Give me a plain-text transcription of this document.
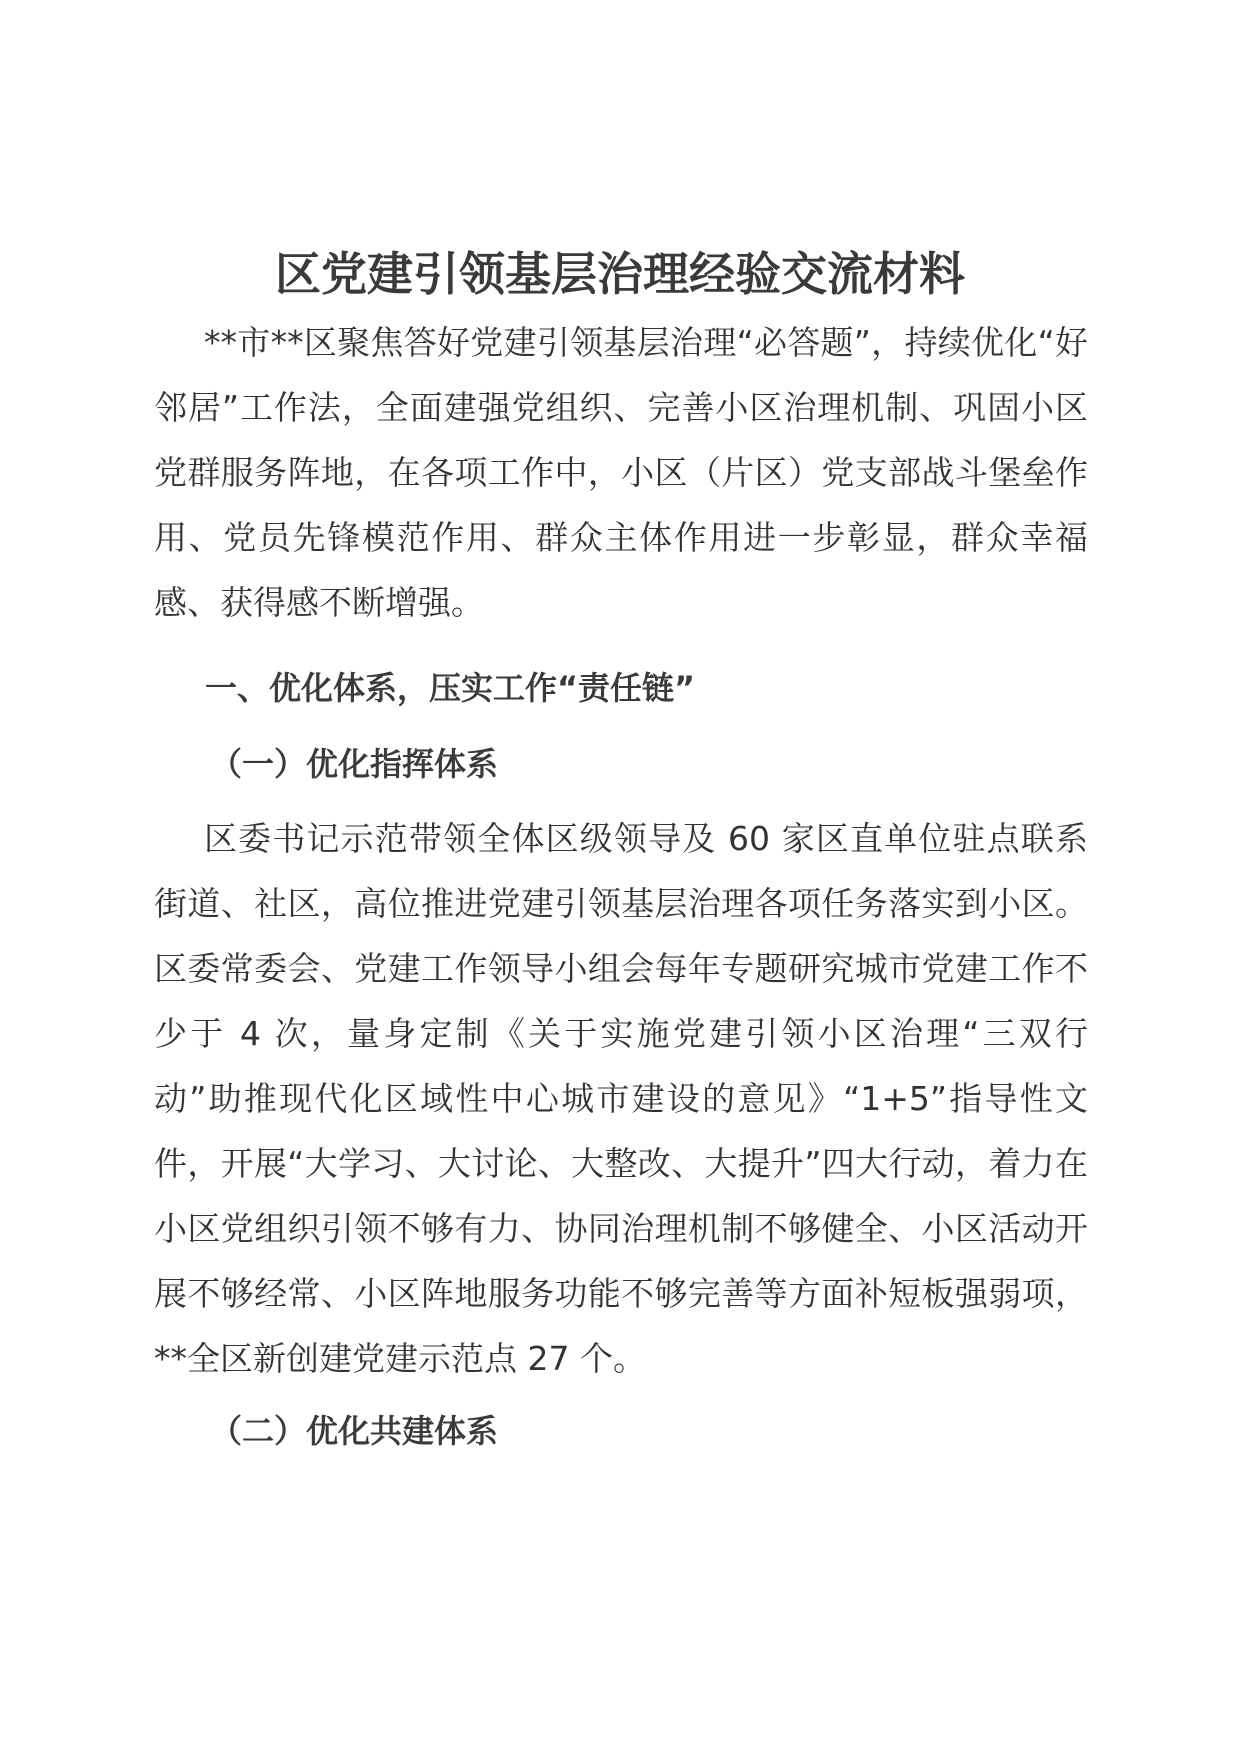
区党建引领基层治理经验交流材料

**市**区聚焦答好党建引领基层治理“必答题”，持续优化“好邻居”工作法，全面建强党组织、完善小区治理机制、巩固小区党群服务阵地，在各项工作中，小区（片区）党支部战斗堡垒作用、党员先锋模范作用、群众主体作用进一步彰显，群众幸福感、获得感不断增强。

一、优化体系，压实工作“责任链”
（一）优化指挥体系

区委书记示范带领全体区级领导及 60 家区直单位驻点联系街道、社区，高位推进党建引领基层治理各项任务落实到小区。区委常委会、党建工作领导小组会每年专题研究城市党建工作不少于 4 次，量身定制《关于实施党建引领小区治理“三双行动”助推现代化区域性中心城市建设的意见》“1+5”指导性文件，开展“大学习、大讨论、大整改、大提升”四大行动，着力在小区党组织引领不够有力、协同治理机制不够健全、小区活动开展不够经常、小区阵地服务功能不够完善等方面补短板强弱项，**全区新创建党建示范点 27 个。

（二）优化共建体系
